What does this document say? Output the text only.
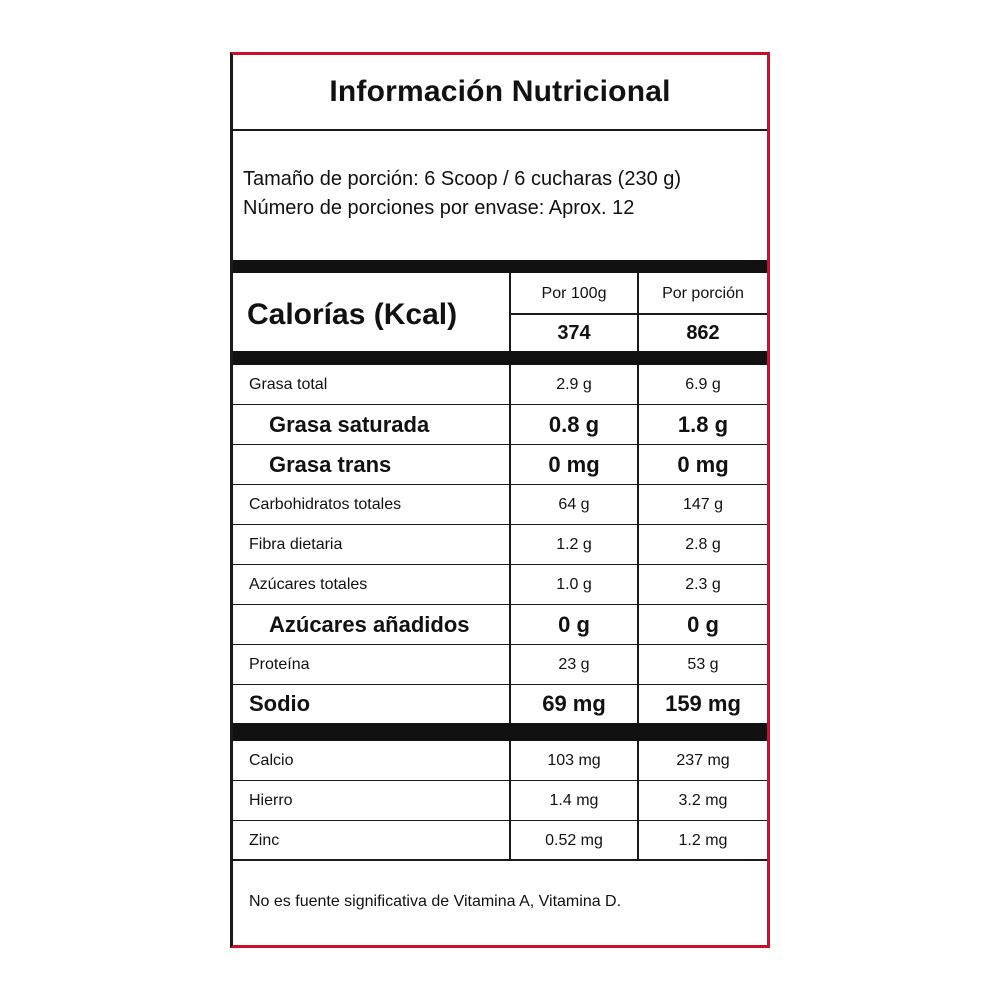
Información Nutricional
Tamaño de porción: 6 Scoop / 6 cucharas (230 g)
Número de porciones por envase: Aprox. 12
Calorías (Kcal)
Por 100g	Por porción
374	862
Grasa total	2.9 g	6.9 g
Grasa saturada	0.8 g	1.8 g
Grasa trans	0 mg	0 mg
Carbohidratos totales	64 g	147 g
Fibra dietaria	1.2 g	2.8 g
Azúcares totales	1.0 g	2.3 g
Azúcares añadidos	0 g	0 g
Proteína	23 g	53 g
Sodio	69 mg	159 mg
Calcio	103 mg	237 mg
Hierro	1.4 mg	3.2 mg
Zinc	0.52 mg	1.2 mg
No es fuente significativa de Vitamina A, Vitamina D.
